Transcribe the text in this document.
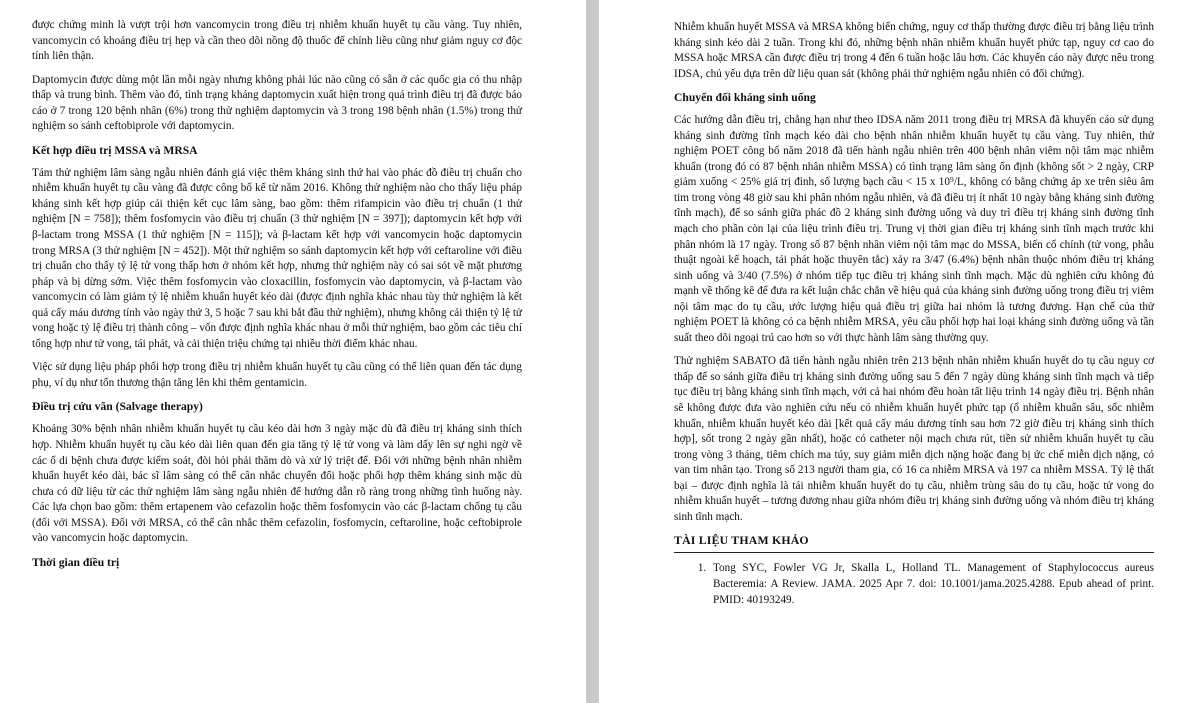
được chứng minh là vượt trội hơn vancomycin trong điều trị nhiễm khuẩn huyết tụ cầu vàng. Tuy nhiên, vancomycin có khoảng điều trị hẹp và cần theo dõi nồng độ thuốc để chỉnh liều cũng như giảm nguy cơ độc tính liên thận.

Daptomycin được dùng một lần mỗi ngày nhưng không phải lúc nào cũng có sẵn ở các quốc gia có thu nhập thấp và trung bình. Thêm vào đó, tình trạng kháng daptomycin xuất hiện trong quá trình điều trị đã được báo cáo ở 7 trong 120 bệnh nhân (6%) trong thử nghiệm daptomycin và 3 trong 198 bệnh nhân (1.5%) trong thử nghiệm so sánh ceftobiprole với daptomycin.

Kết hợp điều trị MSSA và MRSA

Tám thử nghiệm lâm sàng ngẫu nhiên đánh giá việc thêm kháng sinh thứ hai vào phác đồ điều trị chuẩn cho nhiễm khuẩn huyết tụ cầu vàng đã được công bố kể từ năm 2016. Không thử nghiệm nào cho thấy liệu pháp kháng sinh kết hợp giúp cải thiện kết cục lâm sàng, bao gồm: thêm rifampicin vào điều trị chuẩn (1 thử nghiệm [N = 758]); thêm fosfomycin vào điều trị chuẩn (3 thử nghiệm [N = 397]); daptomycin kết hợp với β-lactam trong MSSA (1 thử nghiệm [N = 115]); và β-lactam kết hợp với vancomycin hoặc daptomycin trong MRSA (3 thử nghiệm [N = 452]). Một thử nghiệm so sánh daptomycin kết hợp với ceftaroline với điều trị chuẩn cho thấy tỷ lệ tử vong thấp hơn ở nhóm kết hợp, nhưng thử nghiệm này có sai sót về mặt phương pháp và bị dừng sớm. Việc thêm fosfomycin vào cloxacillin, fosfomycin vào daptomycin, và β-lactam vào vancomycin có làm giảm tỷ lệ nhiễm khuẩn huyết kéo dài (được định nghĩa khác nhau tùy thử nghiệm là kết quả cấy máu dương tính vào ngày thứ 3, 5 hoặc 7 sau khi bắt đầu thử nghiệm), nhưng không cải thiện tỷ lệ tử vong hoặc tỷ lệ điều trị thành công – vốn được định nghĩa khác nhau ở mỗi thử nghiệm, bao gồm các tiêu chí tổng hợp như tử vong, tái phát, và cải thiện triệu chứng tại nhiều thời điểm khác nhau.

Việc sử dụng liệu pháp phối hợp trong điều trị nhiễm khuẩn huyết tụ cầu cũng có thể liên quan đến tác dụng phụ, ví dụ như tổn thương thận tăng lên khi thêm gentamicin.

Điều trị cứu vãn (Salvage therapy)

Khoảng 30% bệnh nhân nhiễm khuẩn huyết tụ cầu kéo dài hơn 3 ngày mặc dù đã điều trị kháng sinh thích hợp. Nhiễm khuẩn huyết tụ cầu kéo dài liên quan đến gia tăng tỷ lệ tử vong và làm dấy lên sự nghi ngờ về các ổ di bệnh chưa được kiểm soát, đòi hỏi phải thăm dò và xử lý triệt để. Đối với những bệnh nhân nhiễm khuẩn huyết kéo dài, bác sĩ lâm sàng có thể cân nhắc chuyển đổi hoặc phối hợp thêm kháng sinh mặc dù chưa có dữ liệu từ các thử nghiệm lâm sàng ngẫu nhiên để hướng dẫn rõ ràng trong những tình huống này. Các lựa chọn bao gồm: thêm ertapenem vào cefazolin hoặc thêm fosfomycin vào các β-lactam chống tụ cầu (đối với MSSA). Đối với MRSA, có thể cân nhắc thêm cefazolin, fosfomycin, ceftaroline, hoặc ceftobiprole vào vancomycin hoặc daptomycin.

Thời gian điều trị

Nhiễm khuẩn huyết MSSA và MRSA không biến chứng, nguy cơ thấp thường được điều trị bằng liệu trình kháng sinh kéo dài 2 tuần. Trong khi đó, những bệnh nhân nhiễm khuẩn huyết phức tạp, nguy cơ cao do MSSA hoặc MRSA cần được điều trị trong 4 đến 6 tuần hoặc lâu hơn. Các khuyến cáo này được nêu trong IDSA, chủ yếu dựa trên dữ liệu quan sát (không phải thử nghiệm ngẫu nhiên có đối chứng).

Chuyển đổi kháng sinh uống

Các hướng dẫn điều trị, chẳng hạn như theo IDSA năm 2011 trong điều trị MRSA đã khuyến cáo sử dụng kháng sinh đường tĩnh mạch kéo dài cho bệnh nhân nhiễm khuẩn huyết tụ cầu vàng. Tuy nhiên, thử nghiệm POET công bố năm 2018 đã tiến hành ngẫu nhiên trên 400 bệnh nhân viêm nội tâm mạc nhiễm khuẩn (trong đó có 87 bệnh nhân nhiễm MSSA) có tình trạng lâm sàng ổn định (không sốt > 2 ngày, CRP giảm xuống < 25% giá trị đỉnh, số lượng bạch cầu < 15 x 10⁹/L, không có bằng chứng áp xe trên siêu âm tim trong vòng 48 giờ sau khi phân nhóm ngẫu nhiên, và đã điều trị ít nhất 10 ngày bằng kháng sinh đường tĩnh mạch), để so sánh giữa phác đồ 2 kháng sinh đường uống và duy trì điều trị kháng sinh đường tĩnh mạch cho phần còn lại của liệu trình điều trị. Trung vị thời gian điều trị kháng sinh tĩnh mạch trước khi phân nhóm là 17 ngày. Trong số 87 bệnh nhân viêm nội tâm mạc do MSSA, biến cố chính (tử vong, phẫu thuật ngoài kế hoạch, tái phát hoặc thuyên tắc) xảy ra 3/47 (6.4%) bệnh nhân thuộc nhóm điều trị kháng sinh uống và 3/40 (7.5%) ở nhóm tiếp tục điều trị kháng sinh tĩnh mạch. Mặc dù nghiên cứu không đủ mạnh về thống kê để đưa ra kết luận chắc chắn về hiệu quả của kháng sinh đường uống trong điều trị viêm nội tâm mạc do tụ cầu, ước lượng hiệu quả điều trị giữa hai nhóm là tương đương. Hạn chế của thử nghiệm POET là không có ca bệnh nhiễm MRSA, yêu cầu phối hợp hai loại kháng sinh đường uống và tần suất theo dõi ngoại trú cao hơn so với thực hành lâm sàng thường quy.

Thử nghiệm SABATO đã tiến hành ngẫu nhiên trên 213 bệnh nhân nhiễm khuẩn huyết do tụ cầu nguy cơ thấp để so sánh giữa điều trị kháng sinh đường uống sau 5 đến 7 ngày dùng kháng sinh tĩnh mạch và tiếp tục điều trị bằng kháng sinh tĩnh mạch, với cả hai nhóm đều hoàn tất liệu trình 14 ngày điều trị. Bệnh nhân sẽ không được đưa vào nghiên cứu nếu có nhiễm khuẩn huyết phức tạp (ổ nhiễm khuẩn sâu, sốc nhiễm khuẩn, nhiễm khuẩn huyết kéo dài [kết quả cấy máu dương tính sau hơn 72 giờ điều trị kháng sinh thích hợp], sốt trong 2 ngày gần nhất), hoặc có catheter nội mạch chưa rút, tiền sử nhiễm khuẩn huyết tụ cầu trong vòng 3 tháng, tiêm chích ma túy, suy giảm miễn dịch nặng hoặc đang bị ức chế miễn dịch nặng, có van tim nhân tạo. Trong số 213 người tham gia, có 16 ca nhiễm MRSA và 197 ca nhiễm MSSA. Tỷ lệ thất bại – được định nghĩa là tái nhiễm khuẩn huyết do tụ cầu, nhiễm trùng sâu do tụ cầu, hoặc tử vong do nhiễm khuẩn huyết – tương đương nhau giữa nhóm điều trị kháng sinh đường uống và nhóm điều trị kháng sinh tĩnh mạch.

TÀI LIỆU THAM KHẢO
1. Tong SYC, Fowler VG Jr, Skalla L, Holland TL. Management of Staphylococcus aureus Bacteremia: A Review. JAMA. 2025 Apr 7. doi: 10.1001/jama.2025.4288. Epub ahead of print. PMID: 40193249.
